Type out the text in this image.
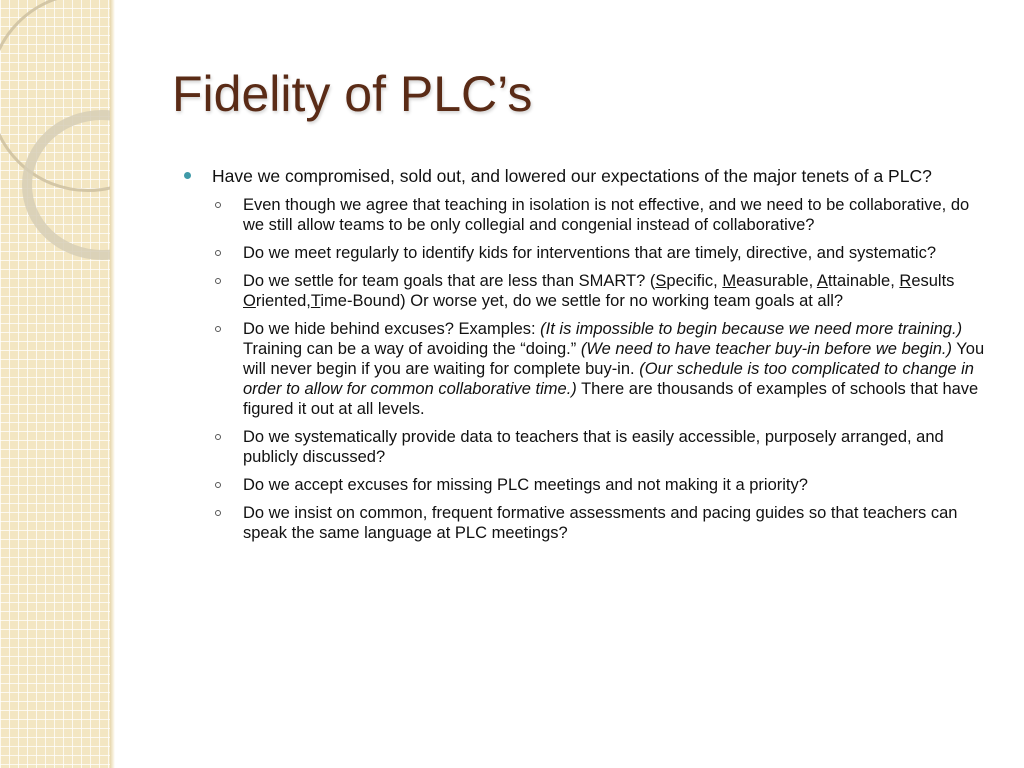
Fidelity of PLC’s
Have we compromised, sold out, and lowered our expectations of the major tenets of a PLC?
Even though we agree that teaching in isolation is not effective, and we need to be collaborative, do we still allow teams to be only collegial and congenial instead of collaborative?
Do we meet regularly to identify kids for interventions that are timely, directive, and systematic?
Do we settle for team goals that are less than SMART? (Specific, Measurable, Attainable, Results Oriented,Time-Bound) Or worse yet, do we settle for no working team goals at all?
Do we hide behind excuses? Examples: (It is impossible to begin because we need more training.) Training can be a way of avoiding the “doing.” (We need to have teacher buy-in before we begin.) You will never begin if you are waiting for complete buy-in. (Our schedule is too complicated to change in order to allow for common collaborative time.) There are thousands of examples of schools that have figured it out at all levels.
Do we systematically provide data to teachers that is easily accessible, purposely arranged, and publicly discussed?
Do we accept excuses for missing PLC meetings and not making it a priority?
Do we insist on common, frequent formative assessments and pacing guides so that teachers can speak the same language at PLC meetings?
